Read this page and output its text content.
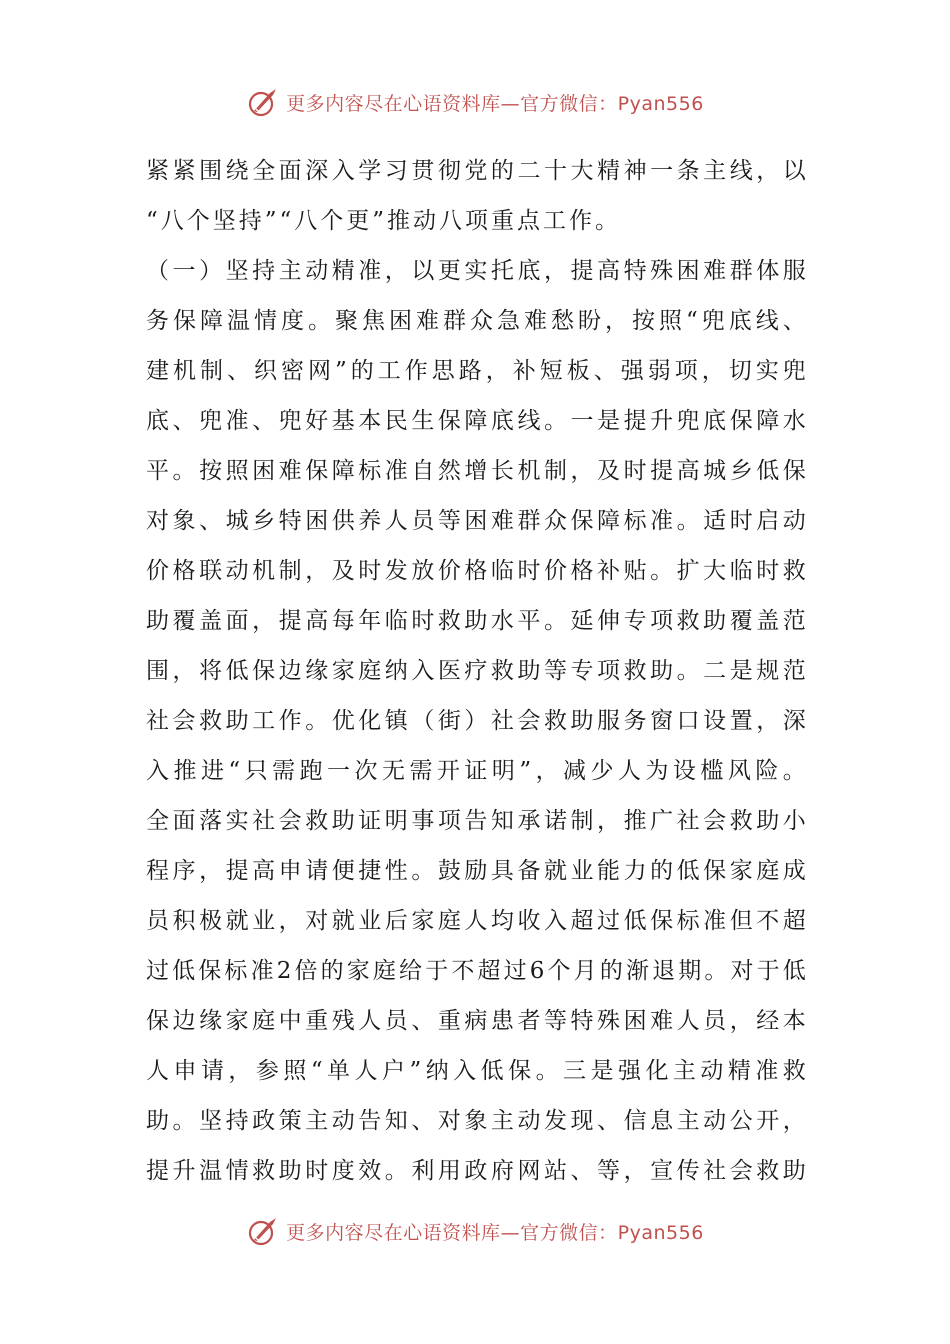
更多内容尽在心语资料库—官方微信：Pyan556
紧 紧 围 绕 全 面 深 入 学 习 贯 彻 党 的 二 十 大 精 神 一 条 主 线 ， 以
“八个坚持”“八个更”推动八项重点工作。
（ 一 ） 坚 持 主 动 精 准 ， 以 更 实 托 底 ， 提 高 特 殊 困 难 群 体 服
务 保 障 温 情 度 。 聚 焦 困 难 群 众 急 难 愁 盼 ， 按 照 “ 兜 底 线 、
建 机 制 、 织 密 网 ” 的 工 作 思 路 ， 补 短 板 、 强 弱 项 ， 切 实 兜
底 、 兜 准 、 兜 好 基 本 民 生 保 障 底 线 。 一 是 提 升 兜 底 保 障 水
平 。 按 照 困 难 保 障 标 准 自 然 增 长 机 制 ， 及 时 提 高 城 乡 低 保
对 象 、 城 乡 特 困 供 养 人 员 等 困 难 群 众 保 障 标 准 。 适 时 启 动
价 格 联 动 机 制 ， 及 时 发 放 价 格 临 时 价 格 补 贴 。 扩 大 临 时 救
助 覆 盖 面 ， 提 高 每 年 临 时 救 助 水 平 。 延 伸 专 项 救 助 覆 盖 范
围 ， 将 低 保 边 缘 家 庭 纳 入 医 疗 救 助 等 专 项 救 助 。 二 是 规 范
社 会 救 助 工 作 。 优 化 镇 （ 街 ） 社 会 救 助 服 务 窗 口 设 置 ， 深
入 推 进 “ 只 需 跑 一 次 无 需 开 证 明 ” ， 减 少 人 为 设 槛 风 险 。
全 面 落 实 社 会 救 助 证 明 事 项 告 知 承 诺 制 ， 推 广 社 会 救 助 小
程 序 ， 提 高 申 请 便 捷 性 。 鼓 励 具 备 就 业 能 力 的 低 保 家 庭 成
员 积 极 就 业 ， 对 就 业 后 家 庭 人 均 收 入 超 过 低 保 标 准 但 不 超
过 低 保 标 准 2 倍 的 家 庭 给 于 不 超 过 6 个 月 的 渐 退 期 。 对 于 低
保 边 缘 家 庭 中 重 残 人 员 、 重 病 患 者 等 特 殊 困 难 人 员 ， 经 本
人 申 请 ， 参 照 “ 单 人 户 ” 纳 入 低 保 。 三 是 强 化 主 动 精 准 救
助 。 坚 持 政 策 主 动 告 知 、 对 象 主 动 发 现 、 信 息 主 动 公 开 ，
提 升 温 情 救 助 时 度 效 。 利 用 政 府 网 站 、 等 ， 宣 传 社 会 救 助
更多内容尽在心语资料库—官方微信：Pyan556
